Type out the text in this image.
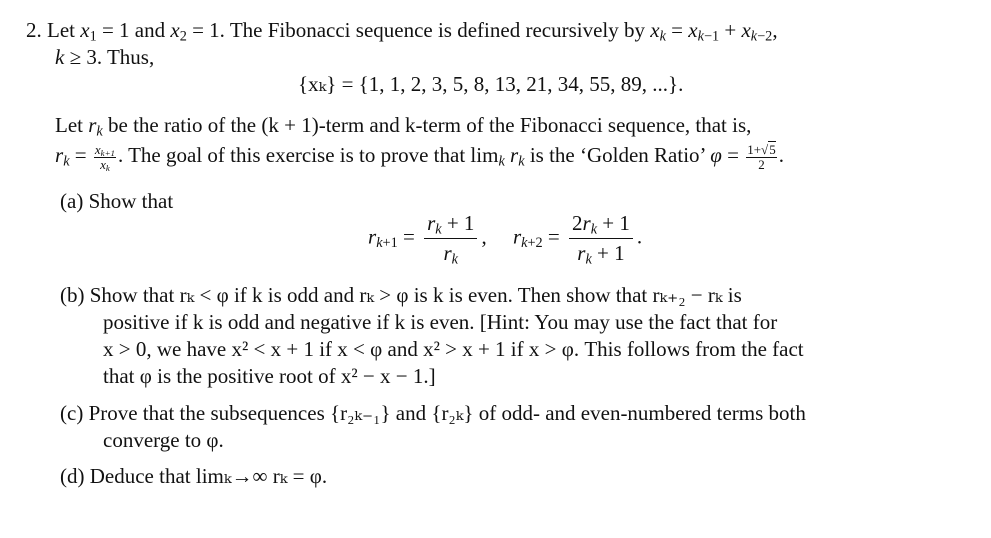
2. Let $x_1 = 1$ and $x_2 = 1$. The Fibonacci sequence is defined recursively by $x_k = x_{k-1} + x_{k-2}$,
k ≥ 3. Thus,
{xₖ} = {1, 1, 2, 3, 5, 8, 13, 21, 34, 55, 89, ...}.
Let $r_k$ be the ratio of the (k + 1)-term and k-term of the Fibonacci sequence, that is,
$r_k = \frac{x_{k+1}}{x_k}$ . The goal of this exercise is to prove that $\lim_k r_k$ is the ‘Golden Ratio’ $\varphi = \frac{1+√5}{2}$ .
(a) Show that
$r_{k+1} = \frac{r_k + 1}{r_k}$ ,     $r_{k+2} = \frac{2r_k + 1}{r_k + 1}$ .
(b) Show that rₖ < φ if k is odd and rₖ > φ is k is even. Then show that rₖ₊₂ − rₖ is
positive if k is odd and negative if k is even. [Hint: You may use the fact that for
x > 0, we have x² < x + 1 if x < φ and x² > x + 1 if x > φ. This follows from the fact
that φ is the positive root of x² − x − 1.]
(c) Prove that the subsequences {r₂ₖ₋₁} and {r₂ₖ} of odd- and even-numbered terms both
converge to φ.
(d) Deduce that limₖ→∞ rₖ = φ.
